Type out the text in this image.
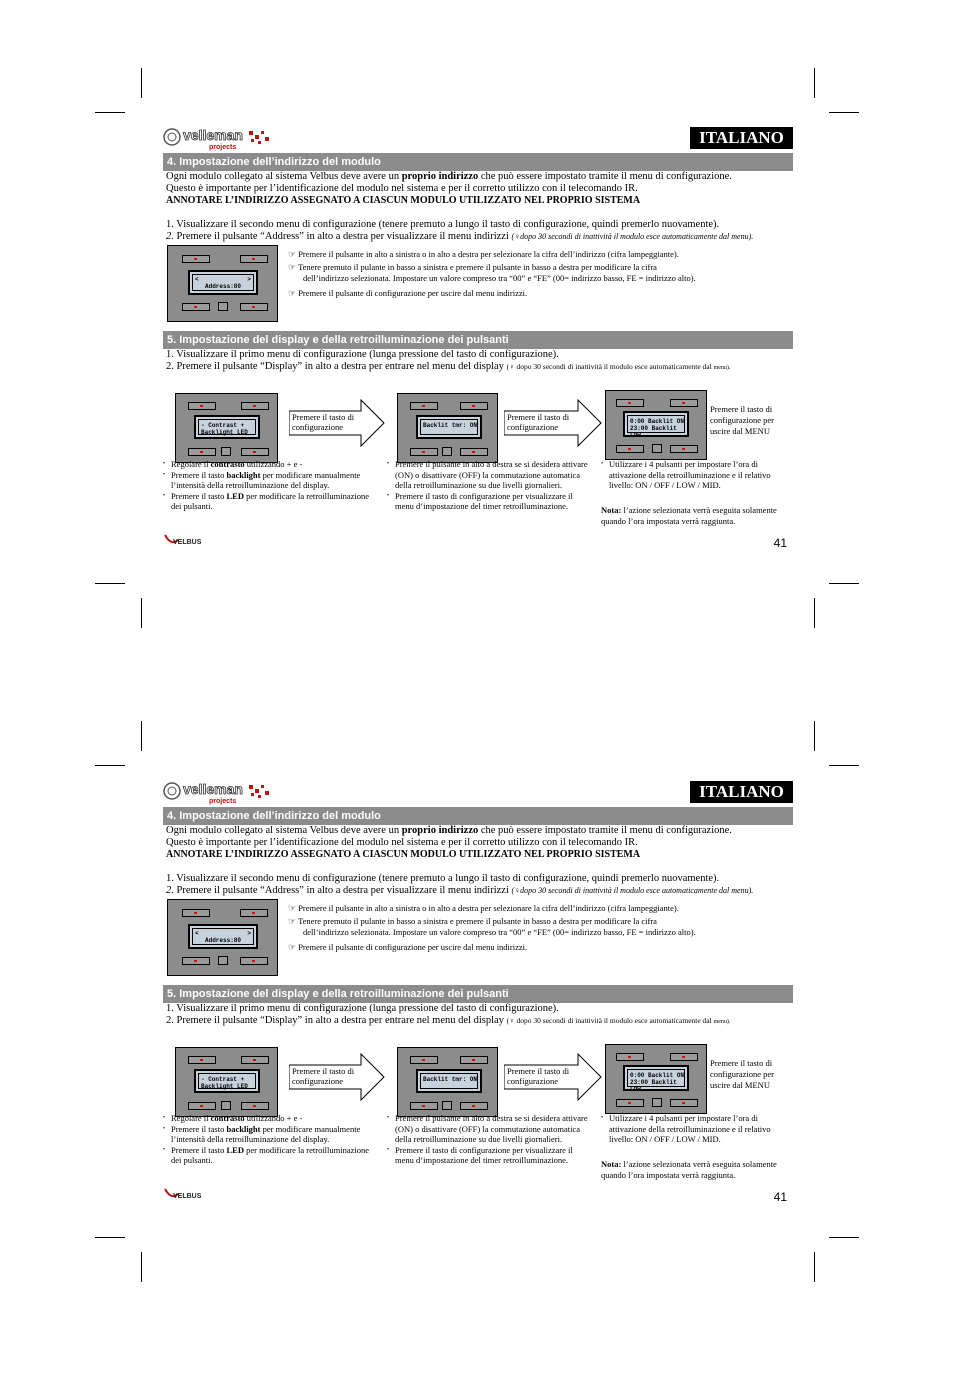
velleman
projects
ITALIANO
4. Impostazione dell’indirizzo del modulo
Ogni modulo collegato al sistema Velbus deve avere un proprio indirizzo che può essere impostato tramite il menu di configurazione.
Questo è importante per l’identificazione del modulo nel sistema e per il corretto utilizzo con il telecomando IR.
ANNOTARE L’INDIRIZZO ASSEGNATO A CIASCUN MODULO UTILIZZATO NEL PROPRIO SISTEMA
1. Visualizzare il secondo menu di configurazione (tenere premuto a lungo il tasto di configurazione, quindi premerlo nuovamente).
2. Premere il pulsante “Address” in alto a destra per visualizzare il menu indirizzi (♀dopo 30 secondi di inattività il modulo esce automaticamente dal menu).
<	>
Address:80
☞ Premere il pulsante in alto a sinistra o in alto a destra per selezionare la cifra dell’indirizzo (cifra lampeggiante).
☞ Tenere premuto il pulante in basso a sinistra e premere il pulsante in basso a destra per modificare la cifra
dell’indirizzo selezionata. Impostare un valore compreso tra “00” e “FE” (00= indirizzo basso, FE = indirizzo alto).
☞ Premere il pulsante di configurazione per uscire dal menu indirizzi.
5. Impostazione del display e della retroilluminazione dei pulsanti
1. Visualizzare il primo menu di configurazione (lunga pressione del tasto di configurazione).
2. Premere il pulsante “Display” in alto a destra per entrare nel menu del display (♀ dopo 30 secondi di inattività il modulo esce automaticamente dal menu).
- Contrast +
Backlight LED
Premere il tasto di configurazione	Backlit tmr: ON
Premere il tasto di configurazione
0:00 Backlit ON
23:00 Backlit LOW
Premere il tasto di configurazione per uscire dal MENU
• Regolare il contrasto utilizzando + e -
• Premere il tasto backlight per modificare manualmente l’intensità della retroilluminazione del display.
• Premere il tasto LED per modificare la retroilluminazione dei pulsanti.
• Premere il pulsante in alto a destra se si desidera attivare (ON) o disattivare (OFF) la commutazione automatica della retroilluminazione su due livelli giornalieri.
• Premere il tasto di configurazione per visualizzare il menu d’impostazione del timer retroilluminazione.
• Utilizzare i 4 pulsanti per impostare l’ora di attivazione della retroilluminazione e il relativo livello: ON / OFF / LOW / MID.
Nota: l’azione selezionata verrà eseguita solamente quando l’ora impostata verrà raggiunta.
VELBUS	41
velleman
projects
ITALIANO
4. Impostazione dell’indirizzo del modulo
Ogni modulo collegato al sistema Velbus deve avere un proprio indirizzo che può essere impostato tramite il menu di configurazione.
Questo è importante per l’identificazione del modulo nel sistema e per il corretto utilizzo con il telecomando IR.
ANNOTARE L’INDIRIZZO ASSEGNATO A CIASCUN MODULO UTILIZZATO NEL PROPRIO SISTEMA
1. Visualizzare il secondo menu di configurazione (tenere premuto a lungo il tasto di configurazione, quindi premerlo nuovamente).
2. Premere il pulsante “Address” in alto a destra per visualizzare il menu indirizzi (♀dopo 30 secondi di inattività il modulo esce automaticamente dal menu).
<	>
Address:80
☞ Premere il pulsante in alto a sinistra o in alto a destra per selezionare la cifra dell’indirizzo (cifra lampeggiante).
☞ Tenere premuto il pulante in basso a sinistra e premere il pulsante in basso a destra per modificare la cifra
dell’indirizzo selezionata. Impostare un valore compreso tra “00” e “FE” (00= indirizzo basso, FE = indirizzo alto).
☞ Premere il pulsante di configurazione per uscire dal menu indirizzi.
5. Impostazione del display e della retroilluminazione dei pulsanti
1. Visualizzare il primo menu di configurazione (lunga pressione del tasto di configurazione).
2. Premere il pulsante “Display” in alto a destra per entrare nel menu del display (♀ dopo 30 secondi di inattività il modulo esce automaticamente dal menu).
- Contrast +
Backlight LED
Premere il tasto di configurazione	Backlit tmr: ON
Premere il tasto di configurazione
0:00 Backlit ON
23:00 Backlit LOW
Premere il tasto di configurazione per uscire dal MENU
• Regolare il contrasto utilizzando + e -
• Premere il tasto backlight per modificare manualmente l’intensità della retroilluminazione del display.
• Premere il tasto LED per modificare la retroilluminazione dei pulsanti.
• Premere il pulsante in alto a destra se si desidera attivare (ON) o disattivare (OFF) la commutazione automatica della retroilluminazione su due livelli giornalieri.
• Premere il tasto di configurazione per visualizzare il menu d’impostazione del timer retroilluminazione.
• Utilizzare i 4 pulsanti per impostare l’ora di attivazione della retroilluminazione e il relativo livello: ON / OFF / LOW / MID.
Nota: l’azione selezionata verrà eseguita solamente quando l’ora impostata verrà raggiunta.
VELBUS	41
